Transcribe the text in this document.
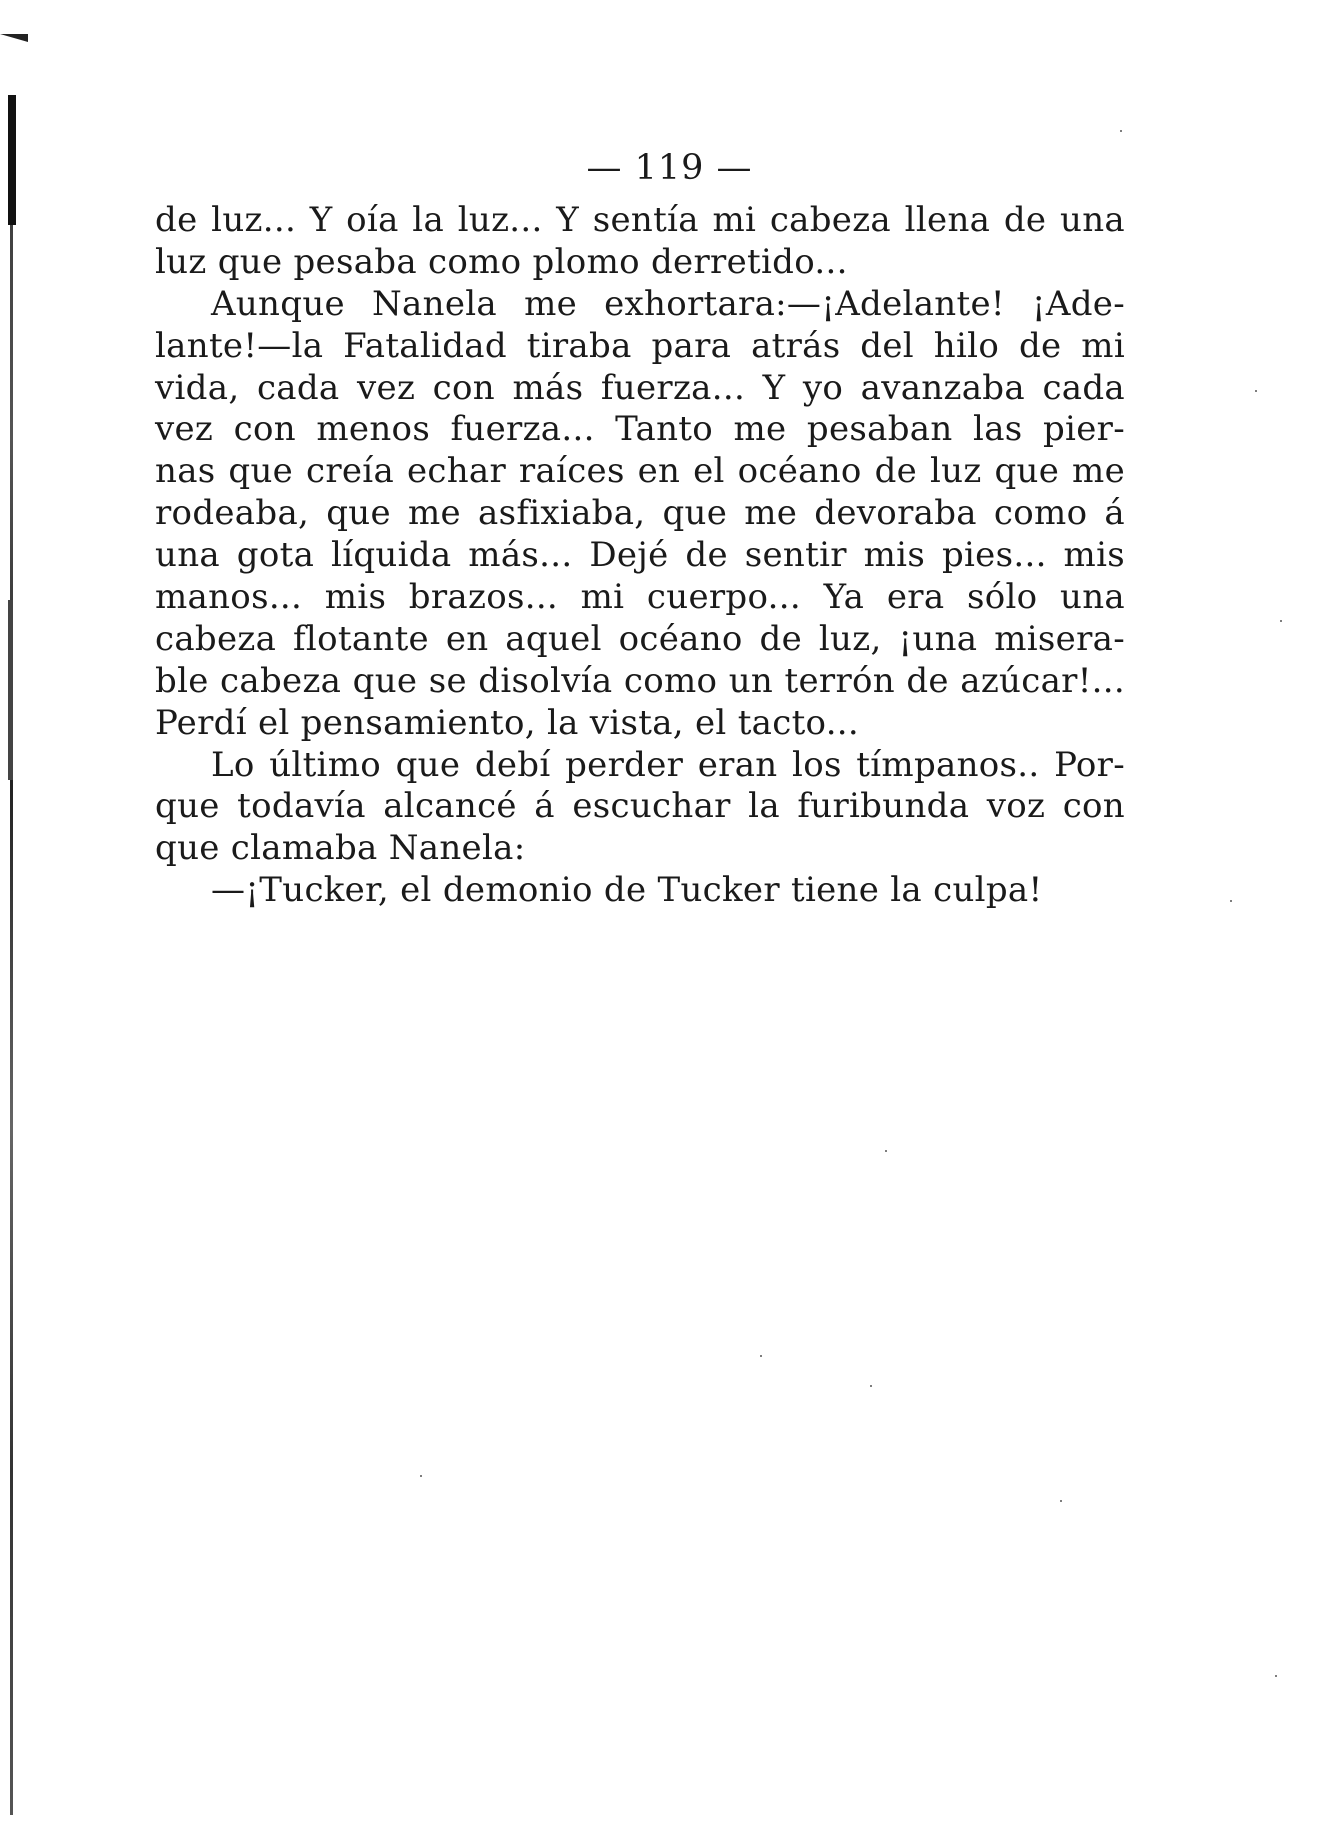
— 119 —
de luz... Y oía la luz... Y sentía mi cabeza llena de una
luz que pesaba como plomo derretido...
Aunque Nanela me exhortara:—¡Adelante! ¡Ade-
lante!—la Fatalidad tiraba para atrás del hilo de mi
vida, cada vez con más fuerza... Y yo avanzaba cada
vez con menos fuerza... Tanto me pesaban las pier-
nas que creía echar raíces en el océano de luz que me
rodeaba, que me asfixiaba, que me devoraba como á
una gota líquida más... Dejé de sentir mis pies... mis
manos... mis brazos... mi cuerpo... Ya era sólo una
cabeza flotante en aquel océano de luz, ¡una misera-
ble cabeza que se disolvía como un terrón de azúcar!...
Perdí el pensamiento, la vista, el tacto...
Lo último que debí perder eran los tímpanos.. Por-
que todavía alcancé á escuchar la furibunda voz con
que clamaba Nanela:
—¡Tucker, el demonio de Tucker tiene la culpa!
